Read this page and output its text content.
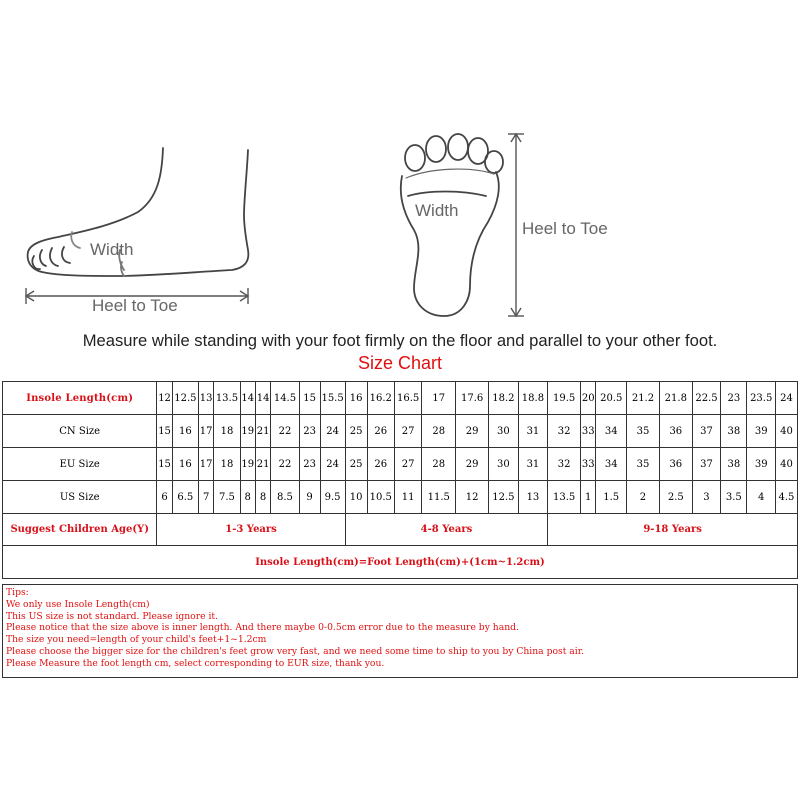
Width
Heel to Toe
Width
Heel to Toe
Measure while standing with your foot firmly on the floor and parallel to your other foot.
Size Chart
Insole Length(cm)	12	12.5	13	13.5	14	14	14.5	15	15.5	16	16.2	16.5	17	17.6	18.2	18.8	19.5	20	20.5	21.2	21.8	22.5	23	23.5	24
CN Size	15	16	17	18	19	21	22	23	24	25	26	27	28	29	30	31	32	33	34	35	36	37	38	39	40
EU Size	15	16	17	18	19	21	22	23	24	25	26	27	28	29	30	31	32	33	34	35	36	37	38	39	40
US Size	6	6.5	7	7.5	8	8	8.5	9	9.5	10	10.5	11	11.5	12	12.5	13	13.5	1	1.5	2	2.5	3	3.5	4	4.5
Suggest Children Age(Y)	1-3 Years									4-8 Years							9-18 Years								
Insole Length(cm)=Foot Length(cm)+(1cm~1.2cm)																									
Tips:
We only use Insole Length(cm)
This US size is not standard. Please ignore it.
Please notice that the size above is inner length. And there maybe 0-0.5cm error due to the measure by hand.
The size you need=length of your child's feet+1~1.2cm
Please choose the bigger size for the children's feet grow very fast, and we need some time to ship to you by China post air.
Please Measure the foot length cm, select corresponding to EUR size, thank you.
